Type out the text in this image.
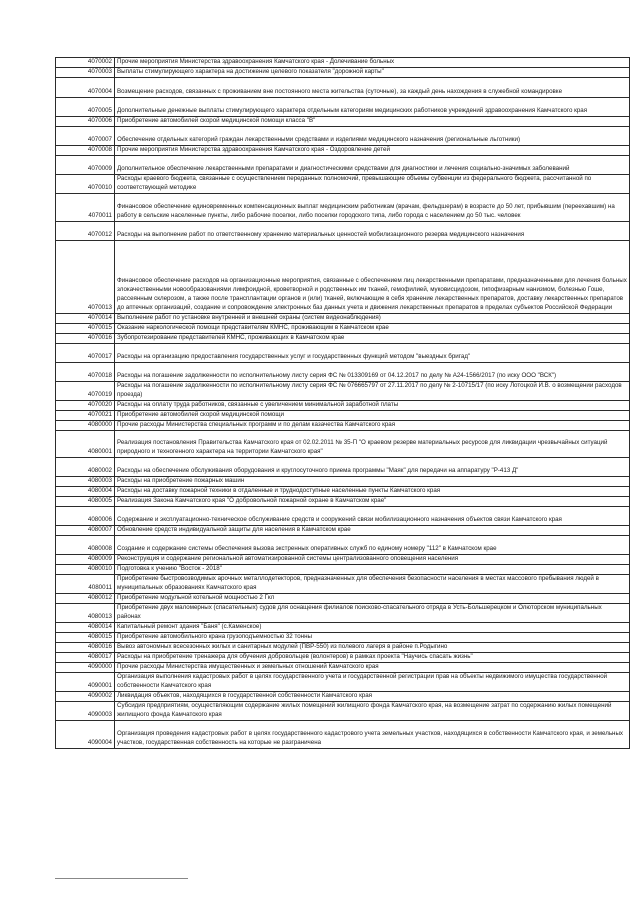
4070002	Прочие мероприятия Министерства здравоохранения Камчатского края - Долечивание больных
4070003	Выплаты стимулирующего характера на достижение целевого показателя "дорожной карты"
4070004	Возмещение расходов, связанных с проживанием вне постоянного места жительства (суточные), за каждый день нахождения в служебной командировке
4070005	Дополнительные денежные выплаты стимулирующего характера отдельным категориям медицинских работников учреждений здравоохранения Камчатского края
4070006	Приобретение автомобилей скорой медицинской помощи класса "В"
4070007	Обеспечение отдельных категорий граждан лекарственными средствами и изделиями медицинского назначения (региональные льготники)
4070008	Прочие мероприятия Министерства здравоохранения Камчатского края - Оздоровление детей
4070009	Дополнительное обеспечение лекарственными препаратами и диагностическими средствами для диагностики и лечения социально-значимых заболеваний
4070010	Расходы краевого бюджета, связанные с осуществлением переданных полномочий, превышающие объемы субвенции из федерального бюджета, рассчитанной по соответствующей методике
4070011	Финансовое обеспечение единовременных компенсационных выплат медицинским работникам (врачам, фельдшерам) в возрасте до 50 лет, прибывшим (переехавшим) на работу в сельские населенные пункты, либо рабочие поселки, либо поселки городского типа, либо города с населением до 50 тыс. человек
4070012	Расходы на выполнение работ по ответственному хранению материальных ценностей мобилизационного резерва медицинского назначения
4070013	Финансовое обеспечение расходов на организационные мероприятия, связанные с обеспечением лиц лекарственными препаратами, предназначенными для лечения больных злокачественными новообразованиями лимфоидной, кроветворной и родственных им тканей, гемофилией, муковисцидозом, гипофизарным нанизмом, болезнью Гоше, рассеянным склерозом, а также после трансплантации органов и (или) тканей, включающие в себя хранение лекарственных препаратов, доставку лекарственных препаратов до аптечных организаций, создание и сопровождение электронных баз данных учета и движения лекарственных препаратов в пределах субъектов Российской Федерации
4070014	Выполнение работ по установке внутренней и внешней охраны (систем видеонаблюдения)
4070015	Оказание наркологической помощи представителям КМНС, проживающим в Камчатском крае
4070016	Зубопротезирование представителей КМНС, проживающих в Камчатском крае
4070017	Расходы на организацию предоставления государственных услуг и государственных функций методом "выездных бригад"
4070018	Расходы на погашение задолженности по исполнительному листу серия ФС № 013309169 от 04.12.2017 по делу № А24-1566/2017 (по иску ООО "ВСК")
4070019	Расходы на погашение задолженности по исполнительному листу серия ФС № 076665797 от 27.11.2017 по делу № 2-10715/17 (по иску Лотоцкой И.В. о возмещении расходов проезда)
4070020	Расходы на оплату труда работников, связанные с увеличением минимальной заработной платы
4070021	Приобретение автомобилей скорой медицинской помощи
4080000	Прочие расходы Министерства специальных программ и по делам казачества Камчатского края
4080001	Реализация постановления Правительства Камчатского края от 02.02.2011 № 35-П "О краевом резерве материальных ресурсов для ликвидации чрезвычайных ситуаций природного и техногенного характера на территории Камчатского края"
4080002	Расходы на обеспечение обслуживания оборудования и круглосуточного приема программы "Маяк" для передачи на аппаратуру "Р-413 Д"
4080003	Расходы на приобретение пожарных машин
4080004	Расходы на доставку пожарной техники в отдаленные и труднодоступные населенные пункты Камчатского края
4080005	Реализация Закона Камчатского края "О добровольной пожарной охране в Камчатском крае"
4080006	Содержание и эксплуатационно-техническое обслуживание средств и сооружений связи мобилизационного назначения объектов связи Камчатского края
4080007	Обновление средств индивидуальной защиты для населения в Камчатском крае
4080008	Создание и содержание системы обеспечения вызова экстренных оперативных служб по единому номеру "112" в Камчатском крае
4080009	Реконструкция и содержание региональной автоматизированной системы централизованного оповещения населения
4080010	Подготовка к учению "Восток - 2018"
4080011	Приобретение быстровозводимых арочных металлодетекторов, предназначенных для обеспечения безопасности населения в местах массового пребывания людей в муниципальных образованиях Камчатского края
4080012	Приобретение модульной котельной мощностью 2 Гкл
4080013	Приобретение двух маломерных (спасательных) судов для оснащения филиалов поисково-спасательного отряда в Усть-Большерецком и Олюторском муниципальных районах
4080014	Капитальный ремонт здания "Баня" (с.Каменское)
4080015	Приобретение автомобильного крана грузоподъемностью 32 тонны
4080016	Вывоз автономных всесезонных жилых и санитарных модулей (ПВР-550) из полевого лагеря в районе п.Родыгино
4080017	Расходы на приобретение тренажера для обучения добровольцев (волонтеров) в рамках проекта "Научись спасать жизнь"
4090000	Прочие расходы Министерства имущественных и земельных отношений Камчатского края
4090001	Организация выполнения кадастровых работ в целях государственного учета и государственной регистрации прав на объекты недвижимого имущества государственной собственности Камчатского края
4090002	Ликвидация объектов, находящихся в государственной собственности Камчатского края
4090003	Субсидия предприятиям, осуществляющим содержание жилых помещений жилищного фонда Камчатского края, на возмещение затрат по содержанию жилых помещений жилищного фонда Камчатского края
4090004	Организация проведения кадастровых работ в целях государственного кадастрового учета земельных участков, находящихся в собственности Камчатского края, и земельных участков, государственная собственность на которые не разграничена
